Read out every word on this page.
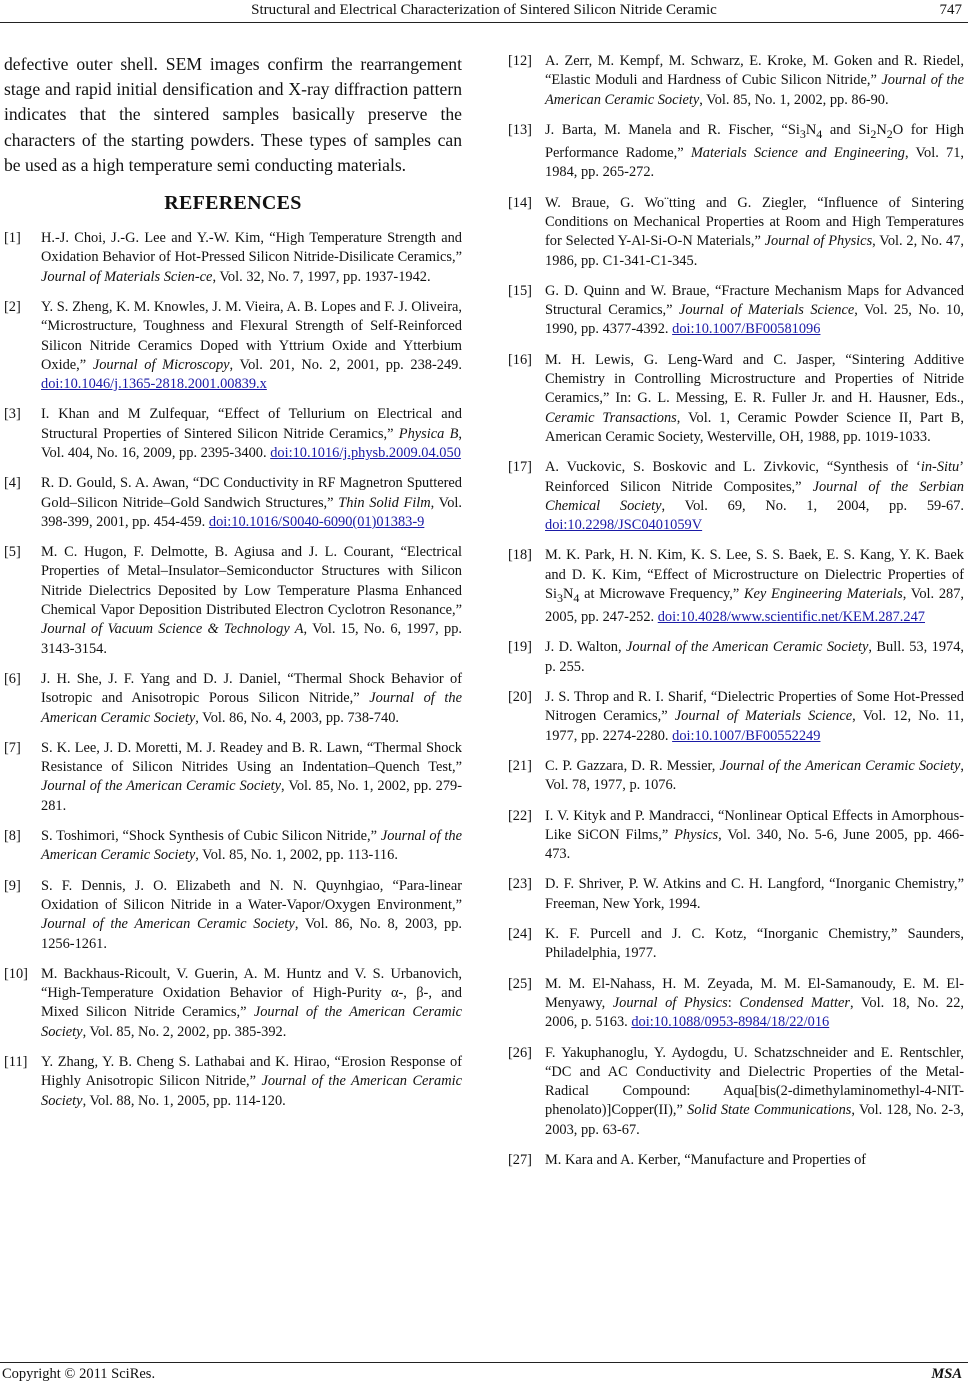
Structural and Electrical Characterization of Sintered Silicon Nitride Ceramic	747

defective outer shell. SEM images confirm the rearrangement stage and rapid initial densification and X-ray diffraction pattern indicates that the sintered samples basically preserve the characters of the starting powders. These types of samples can be used as a high temperature semi conducting materials.

REFERENCES
[1]	H.-J. Choi, J.-G. Lee and Y.-W. Kim, “High Temperature Strength and Oxidation Behavior of Hot-Pressed Silicon Nitride-Disilicate Ceramics,” Journal of Materials Scien-ce, Vol. 32, No. 7, 1997, pp. 1937-1942.
[2]	Y. S. Zheng, K. M. Knowles, J. M. Vieira, A. B. Lopes and F. J. Oliveira, “Microstructure, Toughness and Flexural Strength of Self-Reinforced Silicon Nitride Ceramics Doped with Yttrium Oxide and Ytterbium Oxide,” Journal of Microscopy, Vol. 201, No. 2, 2001, pp. 238-249. doi:10.1046/j.1365-2818.2001.00839.x
[3]	I. Khan and M Zulfequar, “Effect of Tellurium on Electrical and Structural Properties of Sintered Silicon Nitride Ceramics,” Physica B, Vol. 404, No. 16, 2009, pp. 2395-3400. doi:10.1016/j.physb.2009.04.050
[4]	R. D. Gould, S. A. Awan, “DC Conductivity in RF Magnetron Sputtered Gold–Silicon Nitride–Gold Sandwich Structures,” Thin Solid Film, Vol. 398-399, 2001, pp. 454-459. doi:10.1016/S0040-6090(01)01383-9
[5]	M. C. Hugon, F. Delmotte, B. Agiusa and J. L. Courant, “Electrical Properties of Metal–Insulator–Semiconductor Structures with Silicon Nitride Dielectrics Deposited by Low Temperature Plasma Enhanced Chemical Vapor Deposition Distributed Electron Cyclotron Resonance,” Journal of Vacuum Science & Technology A, Vol. 15, No. 6, 1997, pp. 3143-3154.
[6]	J. H. She, J. F. Yang and D. J. Daniel, “Thermal Shock Behavior of Isotropic and Anisotropic Porous Silicon Nitride,” Journal of the American Ceramic Society, Vol. 86, No. 4, 2003, pp. 738-740.
[7]	S. K. Lee, J. D. Moretti, M. J. Readey and B. R. Lawn, “Thermal Shock Resistance of Silicon Nitrides Using an Indentation–Quench Test,” Journal of the American Ceramic Society, Vol. 85, No. 1, 2002, pp. 279-281.
[8]	S. Toshimori, “Shock Synthesis of Cubic Silicon Nitride,” Journal of the American Ceramic Society, Vol. 85, No. 1, 2002, pp. 113-116.
[9]	S. F. Dennis, J. O. Elizabeth and N. N. Quynhgiao, “Para-linear Oxidation of Silicon Nitride in a Water-Vapor/Oxygen Environment,” Journal of the American Ceramic Society, Vol. 86, No. 8, 2003, pp. 1256-1261.
[10] M. Backhaus-Ricoult, V. Guerin, A. M. Huntz and V. S. Urbanovich, “High-Temperature Oxidation Behavior of High-Purity α-, β-, and Mixed Silicon Nitride Ceramics,” Journal of the American Ceramic Society, Vol. 85, No. 2, 2002, pp. 385-392.
[11] Y. Zhang, Y. B. Cheng S. Lathabai and K. Hirao, “Erosion Response of Highly Anisotropic Silicon Nitride,” Journal of the American Ceramic Society, Vol. 88, No. 1, 2005, pp. 114-120.
[12] A. Zerr, M. Kempf, M. Schwarz, E. Kroke, M. Goken and R. Riedel, “Elastic Moduli and Hardness of Cubic Silicon Nitride,” Journal of the American Ceramic Society, Vol. 85, No. 1, 2002, pp. 86-90.
[13] J. Barta, M. Manela and R. Fischer, “$Si_3N_4$ and $Si_2N_2O$ for High Performance Radome,” Materials Science and Engineering, Vol. 71, 1984, pp. 265-272.
[14] W. Braue, G. Wo¨tting and G. Ziegler, “Influence of Sintering Conditions on Mechanical Properties at Room and High Temperatures for Selected Y-Al-Si-O-N Materials,” Journal of Physics, Vol. 2, No. 47, 1986, pp. C1-341-C1-345.
[15] G. D. Quinn and W. Braue, “Fracture Mechanism Maps for Advanced Structural Ceramics,” Journal of Materials Science, Vol. 25, No. 10, 1990, pp. 4377-4392. doi:10.1007/BF00581096
[16] M. H. Lewis, G. Leng-Ward and C. Jasper, “Sintering Additive Chemistry in Controlling Microstructure and Properties of Nitride Ceramics,” In: G. L. Messing, E. R. Fuller Jr. and H. Hausner, Eds., Ceramic Transactions, Vol. 1, Ceramic Powder Science II, Part B, American Ceramic Society, Westerville, OH, 1988, pp. 1019-1033.
[17] A. Vuckovic, S. Boskovic and L. Zivkovic, “Synthesis of ‘in-Situ’ Reinforced Silicon Nitride Composites,” Journal of the Serbian Chemical Society, Vol. 69, No. 1, 2004, pp. 59-67. doi:10.2298/JSC0401059V
[18] M. K. Park, H. N. Kim, K. S. Lee, S. S. Baek, E. S. Kang, Y. K. Baek and D. K. Kim, “Effect of Microstructure on Dielectric Properties of $Si_3N_4$ at Microwave Frequency,” Key Engineering Materials, Vol. 287, 2005, pp. 247-252. doi:10.4028/www.scientific.net/KEM.287.247
[19] J. D. Walton, Journal of the American Ceramic Society, Bull. 53, 1974, p. 255.
[20] J. S. Throp and R. I. Sharif, “Dielectric Properties of Some Hot-Pressed Nitrogen Ceramics,” Journal of Materials Science, Vol. 12, No. 11, 1977, pp. 2274-2280. doi:10.1007/BF00552249
[21] C. P. Gazzara, D. R. Messier, Journal of the American Ceramic Society, Vol. 78, 1977, p. 1076.
[22] I. V. Kityk and P. Mandracci, “Nonlinear Optical Effects in Amorphous-Like SiCON Films,” Physics, Vol. 340, No. 5-6, June 2005, pp. 466-473.
[23] D. F. Shriver, P. W. Atkins and C. H. Langford, “Inorganic Chemistry,” Freeman, New York, 1994.
[24] K. F. Purcell and J. C. Kotz, “Inorganic Chemistry,” Saunders, Philadelphia, 1977.
[25] M. M. El-Nahass, H. M. Zeyada, M. M. El-Samanoudy, E. M. El-Menyawy, Journal of Physics: Condensed Matter, Vol. 18, No. 22, 2006, p. 5163. doi:10.1088/0953-8984/18/22/016
[26] F. Yakuphanoglu, Y. Aydogdu, U. Schatzschneider and E. Rentschler, “DC and AC Conductivity and Dielectric Properties of the Metal-Radical Compound: Aqua[bis(2-dimethylaminomethyl-4-NIT-phenolato)]Copper(II),” Solid State Communications, Vol. 128, No. 2-3, 2003, pp. 63-67.
[27] M. Kara and A. Kerber, “Manufacture and Properties of
Copyright © 2011 SciRes.	MSA
